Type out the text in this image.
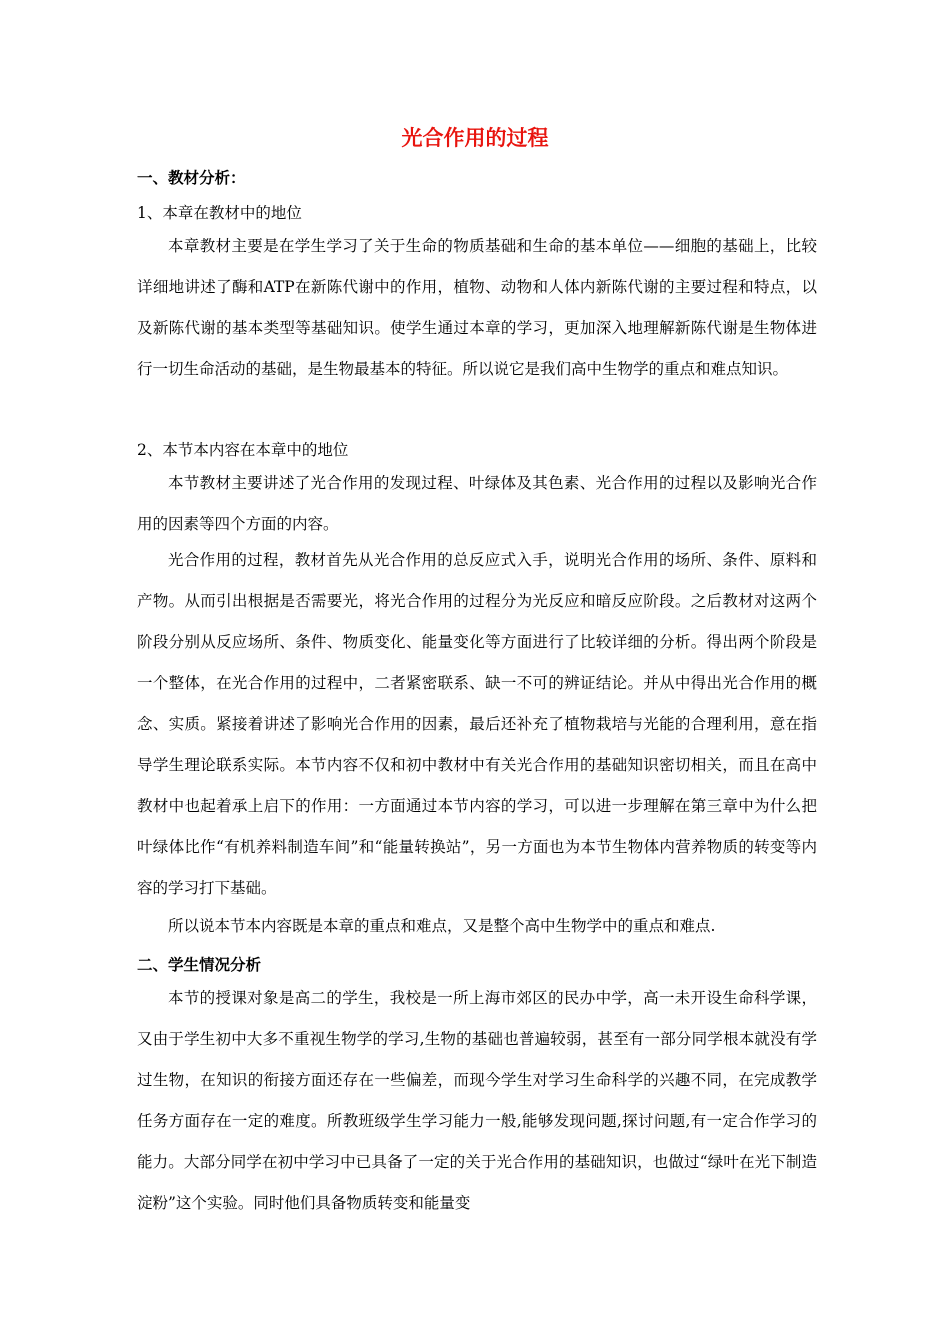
光合作用的过程
一、教材分析：
1、本章在教材中的地位
本章教材主要是在学生学习了关于生命的物质基础和生命的基本单位——细胞的基础上，比较详细地讲述了酶和ATP在新陈代谢中的作用，植物、动物和人体内新陈代谢的主要过程和特点，以及新陈代谢的基本类型等基础知识。使学生通过本章的学习，更加深入地理解新陈代谢是生物体进行一切生命活动的基础，是生物最基本的特征。所以说它是我们高中生物学的重点和难点知识。
2、本节本内容在本章中的地位
本节教材主要讲述了光合作用的发现过程、叶绿体及其色素、光合作用的过程以及影响光合作用的因素等四个方面的内容。
光合作用的过程，教材首先从光合作用的总反应式入手，说明光合作用的场所、条件、原料和产物。从而引出根据是否需要光，将光合作用的过程分为光反应和暗反应阶段。之后教材对这两个阶段分别从反应场所、条件、物质变化、能量变化等方面进行了比较详细的分析。得出两个阶段是一个整体，在光合作用的过程中，二者紧密联系、缺一不可的辨证结论。并从中得出光合作用的概念、实质。紧接着讲述了影响光合作用的因素，最后还补充了植物栽培与光能的合理利用，意在指导学生理论联系实际。本节内容不仅和初中教材中有关光合作用的基础知识密切相关，而且在高中教材中也起着承上启下的作用：一方面通过本节内容的学习，可以进一步理解在第三章中为什么把叶绿体比作“有机养料制造车间”和“能量转换站”，另一方面也为本节生物体内营养物质的转变等内容的学习打下基础。
所以说本节本内容既是本章的重点和难点，又是整个高中生物学中的重点和难点.
二、学生情况分析
本节的授课对象是高二的学生，我校是一所上海市郊区的民办中学，高一未开设生命科学课，又由于学生初中大多不重视生物学的学习,生物的基础也普遍较弱，甚至有一部分同学根本就没有学过生物，在知识的衔接方面还存在一些偏差，而现今学生对学习生命科学的兴趣不同，在完成教学任务方面存在一定的难度。所教班级学生学习能力一般,能够发现问题,探讨问题,有一定合作学习的能力。大部分同学在初中学习中已具备了一定的关于光合作用的基础知识，也做过“绿叶在光下制造淀粉”这个实验。同时他们具备物质转变和能量变
